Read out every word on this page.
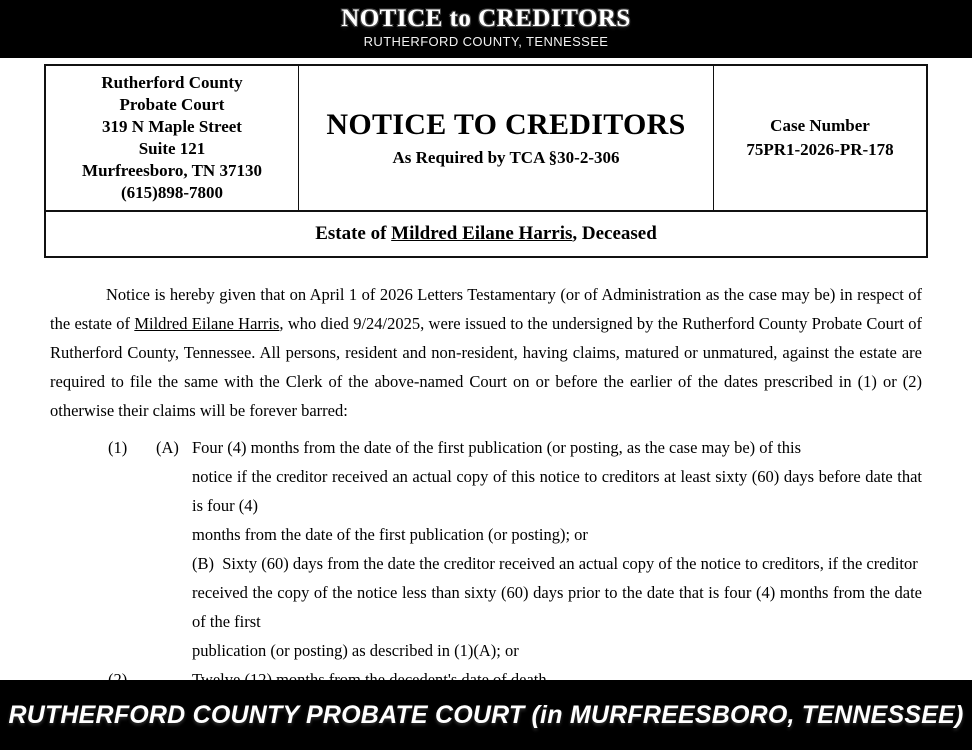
NOTICE to CREDITORS
RUTHERFORD COUNTY, TENNESSEE
Rutherford County
Probate Court
319 N Maple Street
Suite 121
Murfreesboro, TN 37130
(615)898-7800

NOTICE TO CREDITORS
As Required by TCA §30-2-306

Case Number
75PR1-2026-PR-178
Estate of Mildred Eilane Harris, Deceased

Notice is hereby given that on April 1 of 2026 Letters Testamentary (or of Administration as the case may be) in respect of the estate of Mildred Eilane Harris, who died 9/24/2025, were issued to the undersigned by the Rutherford County Probate Court of Rutherford County, Tennessee. All persons, resident and non-resident, having claims, matured or unmatured, against the estate are required to file the same with the Clerk of the above-named Court on or before the earlier of the dates prescribed in (1) or (2) otherwise their claims will be forever barred:

(1)	(A) Four (4) months from the date of the first publication (or posting, as the case may be) of this
notice if the creditor received an actual copy of this notice to creditors at least sixty (60) days before date that is four (4)
months from the date of the first publication (or posting); or
(B) Sixty (60) days from the date the creditor received an actual copy of the notice to creditors, if the creditor
received the copy of the notice less than sixty (60) days prior to the date that is four (4) months from the date of the first
publication (or posting) as described in (1)(A); or
RUTHERFORD COUNTY PROBATE COURT (in MURFREESBORO, TENNESSEE)
